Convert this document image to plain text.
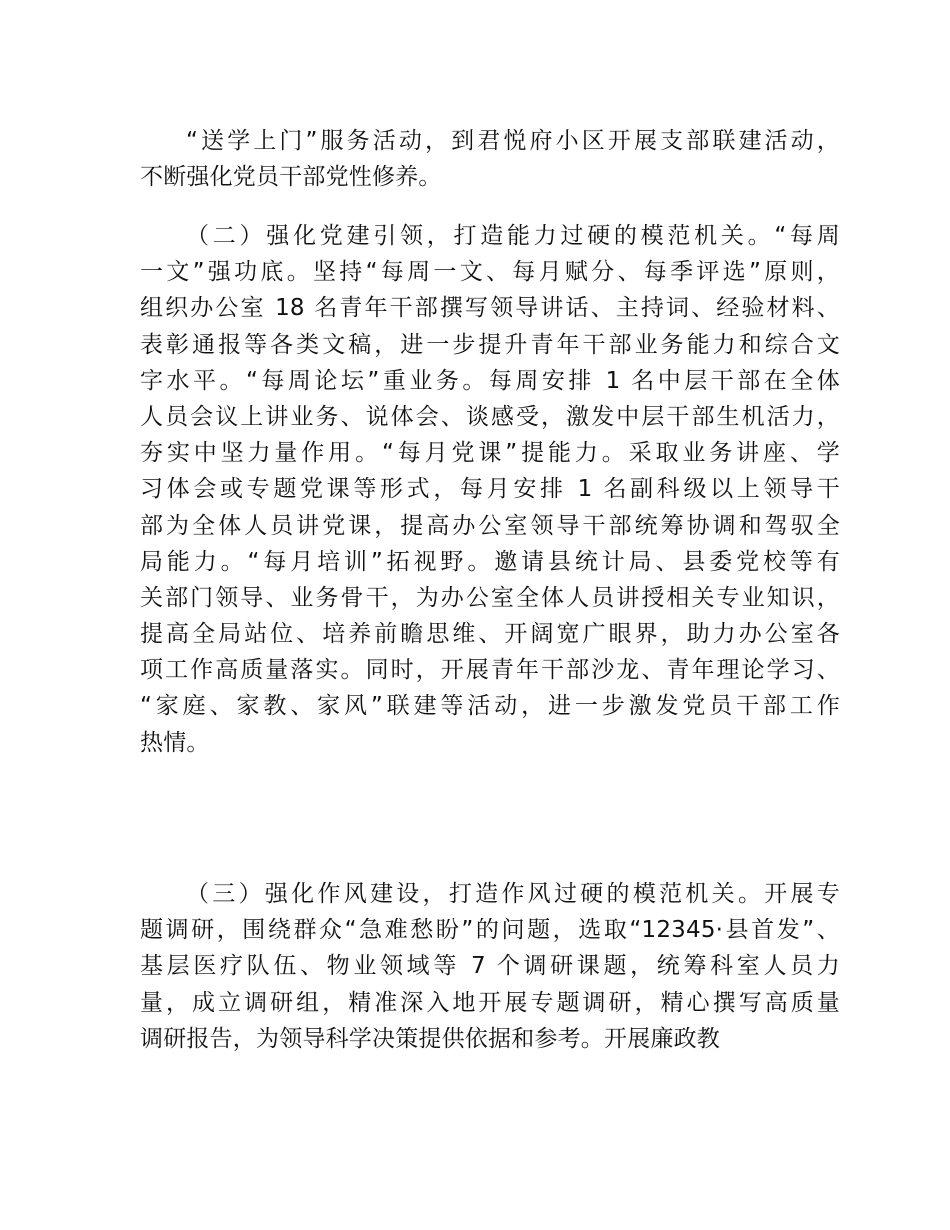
“送学上门”服务活动，到君悦府小区开展支部联建活动，
不断强化党员干部党性修养。
（二）强化党建引领，打造能力过硬的模范机关。“每周
一文”强功底。坚持“每周一文、每月赋分、每季评选”原则，
组织办公室 18 名青年干部撰写领导讲话、主持词、经验材料、
表彰通报等各类文稿，进一步提升青年干部业务能力和综合文
字水平。“每周论坛”重业务。每周安排 1 名中层干部在全体
人员会议上讲业务、说体会、谈感受，激发中层干部生机活力，
夯实中坚力量作用。“每月党课”提能力。采取业务讲座、学
习体会或专题党课等形式，每月安排 1 名副科级以上领导干
部为全体人员讲党课，提高办公室领导干部统筹协调和驾驭全
局能力。“每月培训”拓视野。邀请县统计局、县委党校等有
关部门领导、业务骨干，为办公室全体人员讲授相关专业知识，
提高全局站位、培养前瞻思维、开阔宽广眼界，助力办公室各
项工作高质量落实。同时，开展青年干部沙龙、青年理论学习、
“家庭、家教、家风”联建等活动，进一步激发党员干部工作
热情。
（三）强化作风建设，打造作风过硬的模范机关。开展专
题调研，围绕群众“急难愁盼”的问题，选取“12345·县首发”、
基层医疗队伍、物业领域等 7 个调研课题，统筹科室人员力
量，成立调研组，精准深入地开展专题调研，精心撰写高质量
调研报告，为领导科学决策提供依据和参考。开展廉政教
